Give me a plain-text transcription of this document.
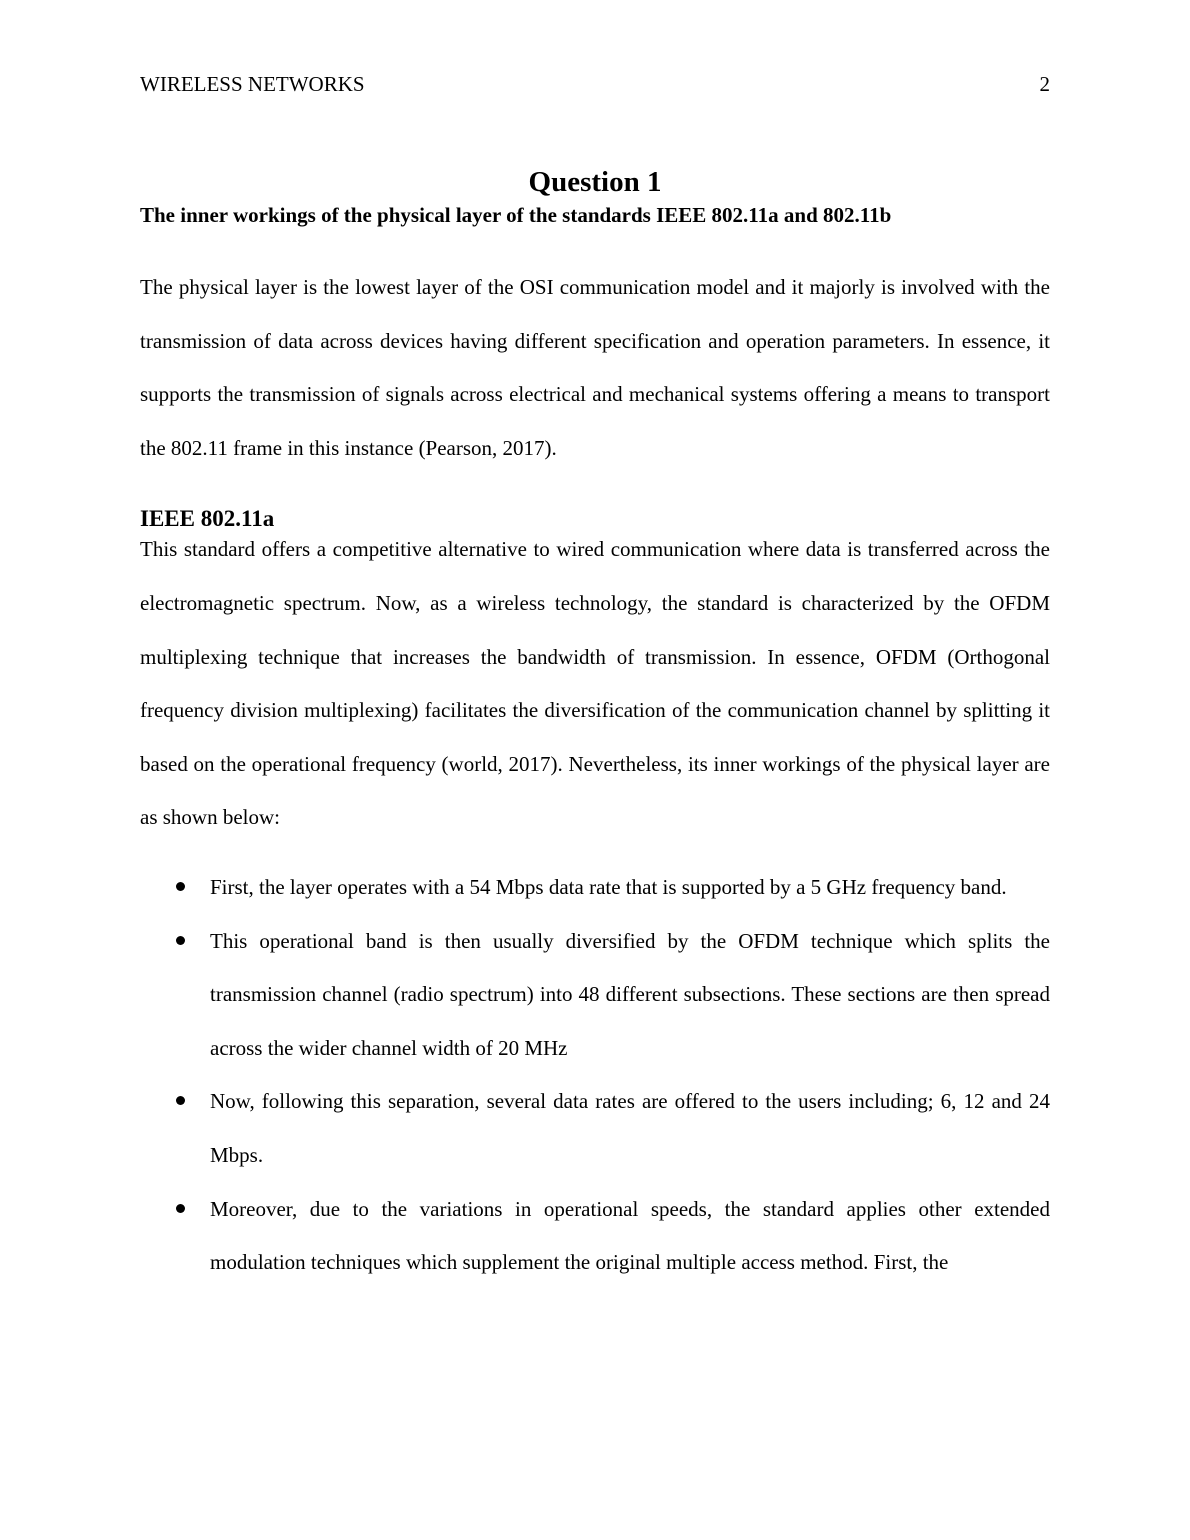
WIRELESS NETWORKS	2
Question 1
The inner workings of the physical layer of the standards IEEE 802.11a and 802.11b

The physical layer is the lowest layer of the OSI communication model and it majorly is involved with the transmission of data across devices having different specification and operation parameters. In essence, it supports the transmission of signals across electrical and mechanical systems offering a means to transport the 802.11 frame in this instance (Pearson, 2017).

IEEE 802.11a

This standard offers a competitive alternative to wired communication where data is transferred across the electromagnetic spectrum. Now, as a wireless technology, the standard is characterized by the OFDM multiplexing technique that increases the bandwidth of transmission. In essence, OFDM (Orthogonal frequency division multiplexing) facilitates the diversification of the communication channel by splitting it based on the operational frequency (world, 2017). Nevertheless, its inner workings of the physical layer are as shown below:

First, the layer operates with a 54 Mbps data rate that is supported by a 5 GHz frequency band.

This operational band is then usually diversified by the OFDM technique which splits the transmission channel (radio spectrum) into 48 different subsections. These sections are then spread across the wider channel width of 20 MHz

Now, following this separation, several data rates are offered to the users including; 6, 12 and 24 Mbps.

Moreover, due to the variations in operational speeds, the standard applies other extended modulation techniques which supplement the original multiple access method. First, the
